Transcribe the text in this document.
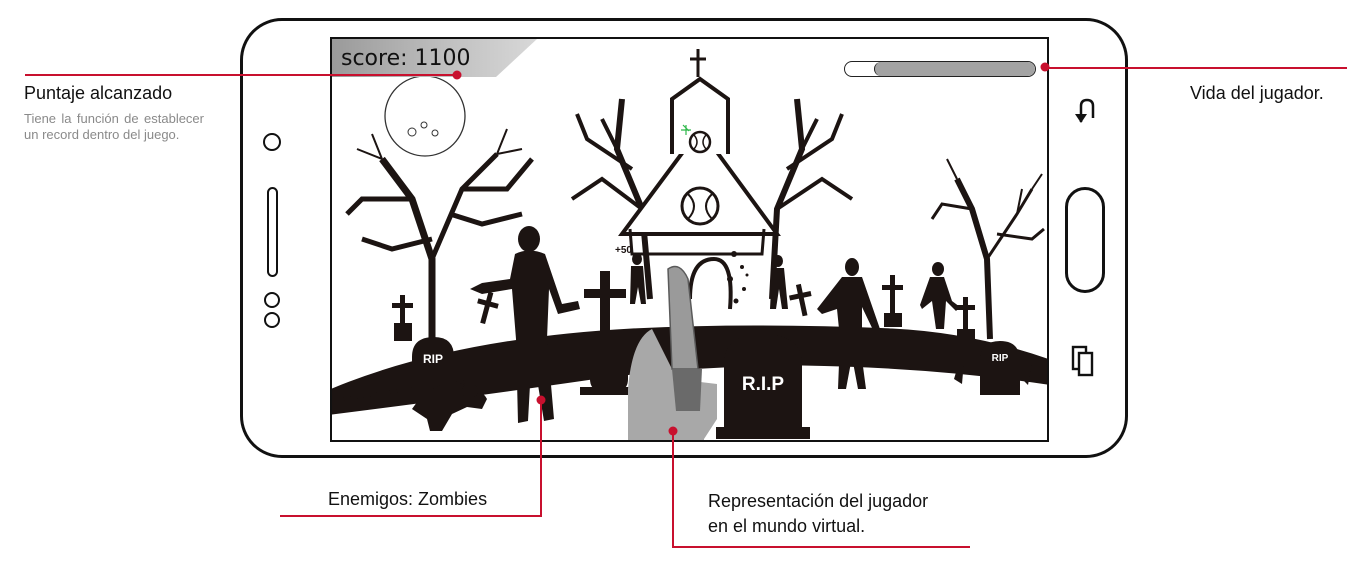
score: 1100
+50
RIP	RIP
R.I.P
Puntaje alcanzado
Tiene la función de establecer un record dentro del juego.
Vida del jugador.
Enemigos: Zombies	Representación del jugador
en el mundo virtual.
